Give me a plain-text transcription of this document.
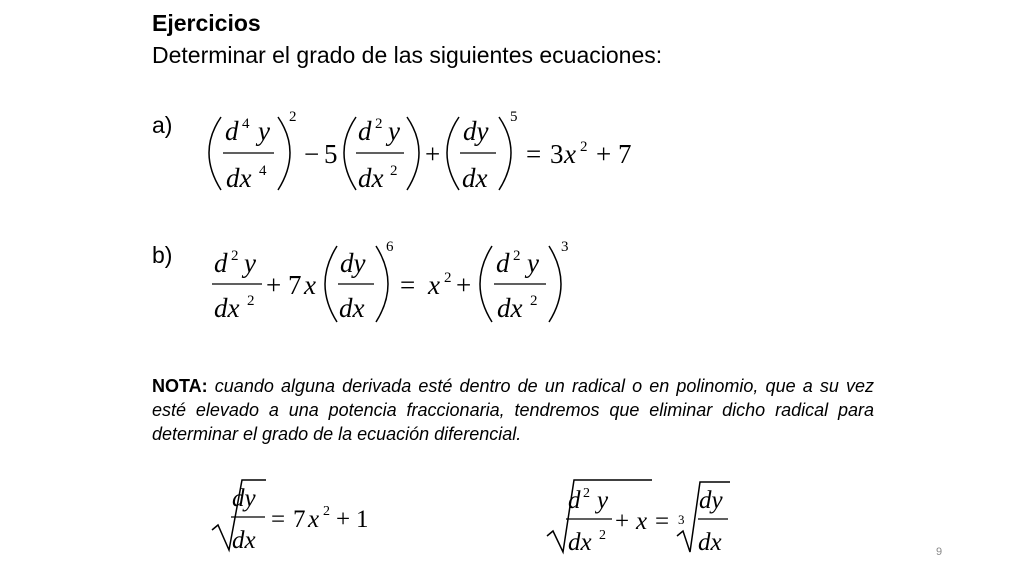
Ejercicios
Determinar el grado de las siguientes ecuaciones:
a)
b)
d 4 y
dx 4
2
− 5
d 2 y
dx 2
+
dy
dx
5
= 3 x 2 + 7
d 2 y
dx 2
+ 7 x
dy
dx
6
= x 2 +
d 2 y
dx 2
3
dy
dx
= 7 x 2 + 1
d 2 y
dx 2
+ x = 3
dy
dx
NOTA: cuando alguna derivada esté dentro de un radical o en polinomio, que a su vez esté elevado a una potencia fraccionaria, tendremos que eliminar dicho radical para determinar el grado de la ecuación diferencial.
9
